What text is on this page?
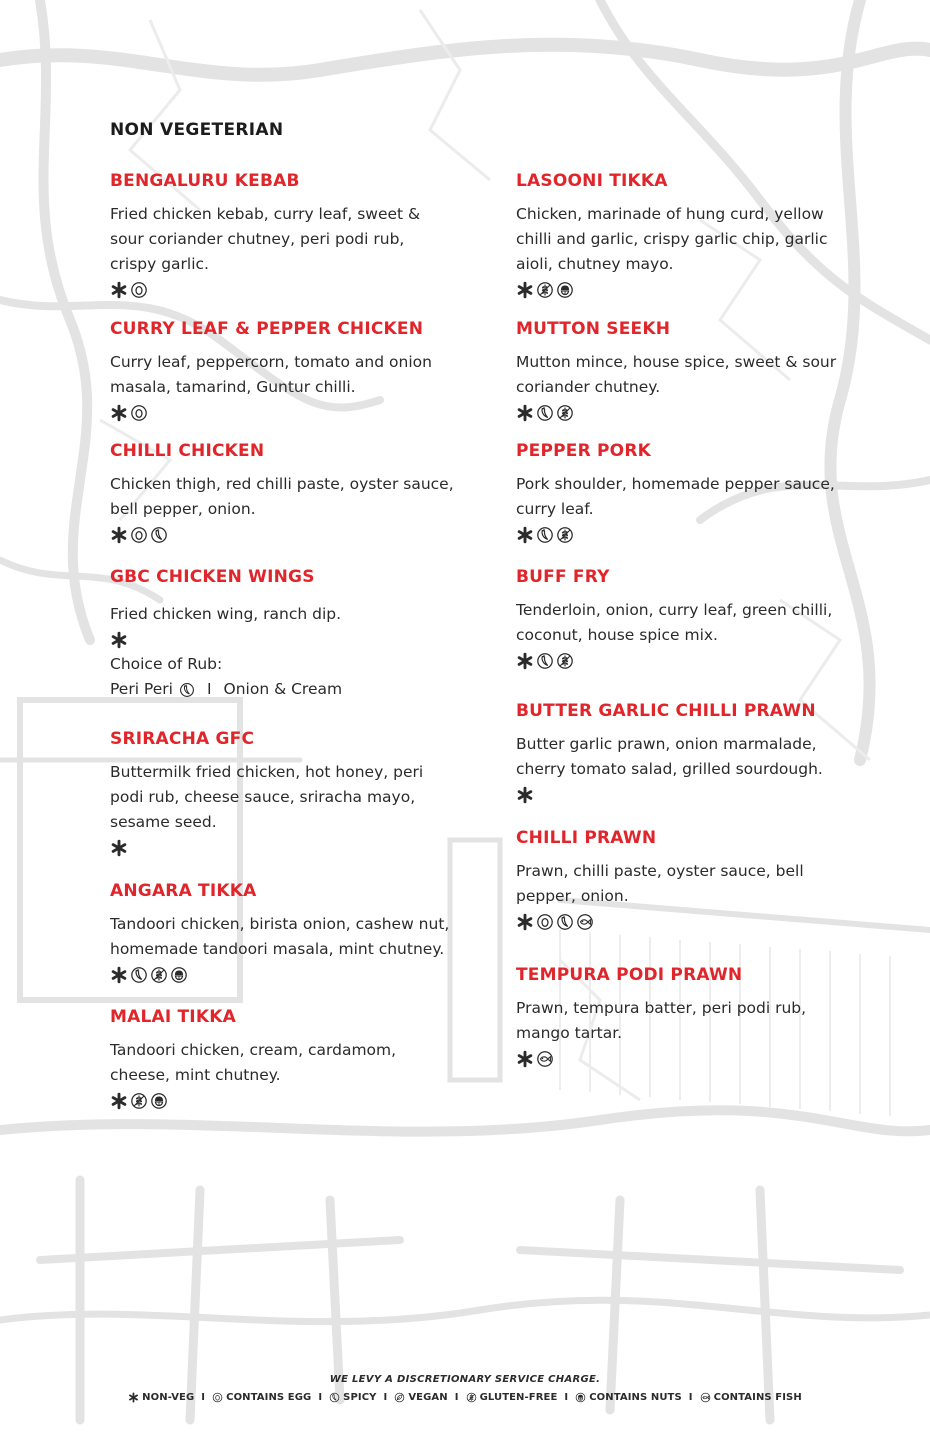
NON VEGETERIAN
BENGALURU KEBAB
Fried chicken kebab, curry leaf, sweet &
sour coriander chutney, peri podi rub,
crispy garlic.
CURRY LEAF & PEPPER CHICKEN
Curry leaf, peppercorn, tomato and onion
masala, tamarind, Guntur chilli.
CHILLI CHICKEN
Chicken thigh, red chilli paste, oyster sauce,
bell pepper, onion.
GBC CHICKEN WINGS
Fried chicken wing, ranch dip.
Choice of Rub:
Peri Peri I Onion & Cream
SRIRACHA GFC
Buttermilk fried chicken, hot honey, peri
podi rub, cheese sauce, sriracha mayo,
sesame seed.
ANGARA TIKKA
Tandoori chicken, birista onion, cashew nut,
homemade tandoori masala, mint chutney.
MALAI TIKKA
Tandoori chicken, cream, cardamom,
cheese, mint chutney.
LASOONI TIKKA
Chicken, marinade of hung curd, yellow
chilli and garlic, crispy garlic chip, garlic
aioli, chutney mayo.
MUTTON SEEKH
Mutton mince, house spice, sweet & sour
coriander chutney.
PEPPER PORK
Pork shoulder, homemade pepper sauce,
curry leaf.
BUFF FRY
Tenderloin, onion, curry leaf, green chilli,
coconut, house spice mix.
BUTTER GARLIC CHILLI PRAWN
Butter garlic prawn, onion marmalade,
cherry tomato salad, grilled sourdough.
CHILLI PRAWN
Prawn, chilli paste, oyster sauce, bell
pepper, onion.
TEMPURA PODI PRAWN
Prawn, tempura batter, peri podi rub,
mango tartar.
WE LEVY A DISCRETIONARY SERVICE CHARGE.
NON-VEG I CONTAINS EGG I SPICY I VEGAN I GLUTEN-FREE I CONTAINS NUTS I CONTAINS FISH
